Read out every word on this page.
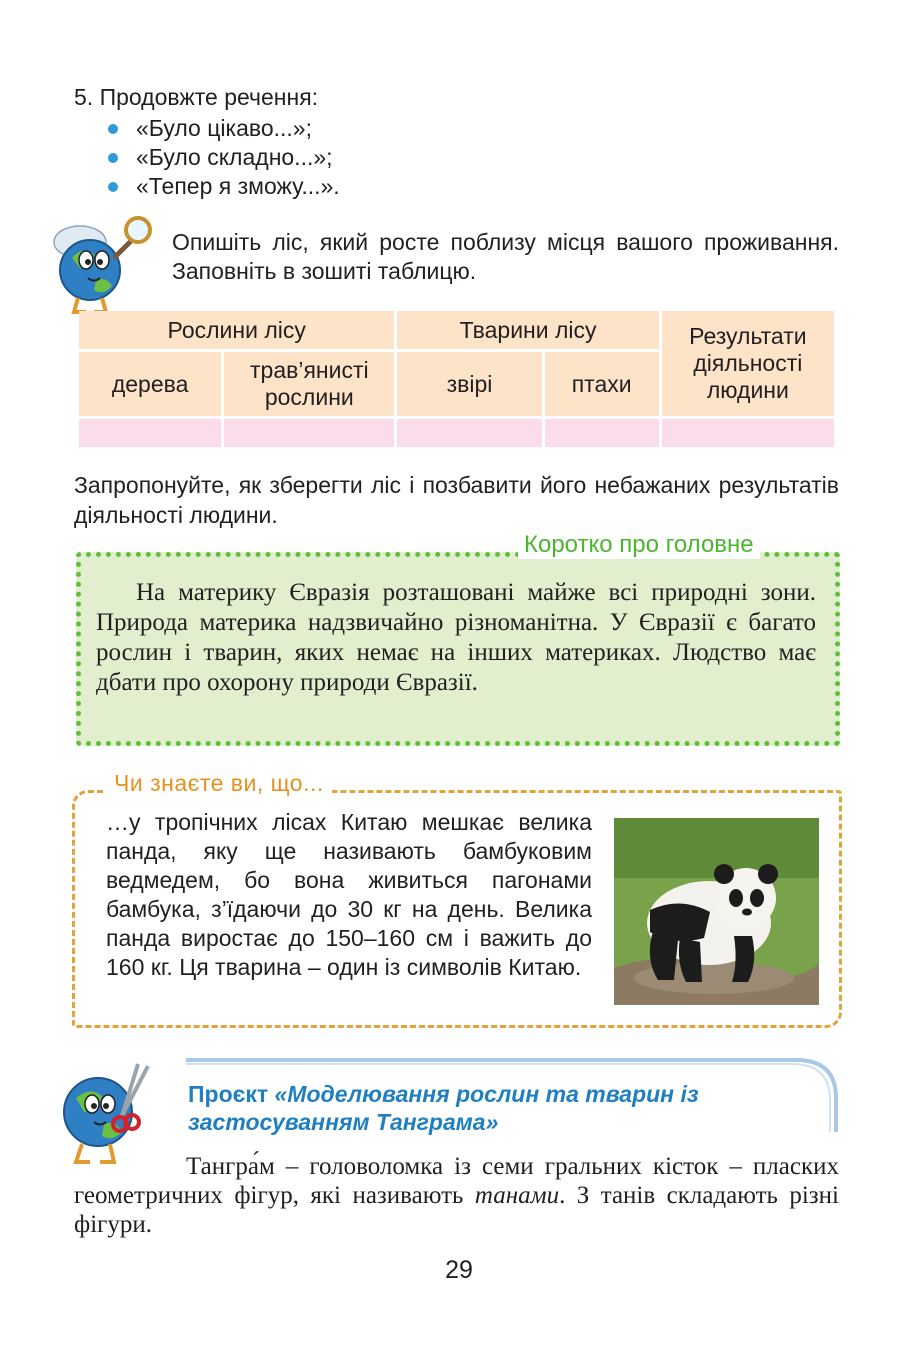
5. Продовжте речення:
«Було цікаво...»;
«Було складно...»;
«Тепер я зможу...».
Опишіть ліс, який росте поблизу місця вашого проживання. Заповніть в зошиті таблицю.
Рослини лісу		Тварини лісу		Результати діяльності людини
дерева	трав’янисті рослини	звірі	птахи	

Запропонуйте, як зберегти ліс і позбавити його небажаних результатів діяльності людини.
Коротко про головне
На материку Євразія розташовані майже всі природні зони. Природа материка надзвичайно різноманітна. У Євразії є багато рослин і тварин, яких немає на інших материках. Людство має дбати про охорону природи Євразії.
Чи знаєте ви, що...
…у тропічних лісах Китаю мешкає велика панда, яку ще називають бамбуковим ведмедем, бо вона живиться пагонами бамбука, з’їдаючи до 30 кг на день. Велика панда виростає до 150–160 см і важить до 160 кг. Ця тварина – один із символів Китаю.
Проєкт «Моделювання рослин та тварин із застосуванням Танграма»
Тангра́м – головоломка із семи гральних кісток – пласких геометричних фігур, які називають танами. З танів складають різні фігури.
29
